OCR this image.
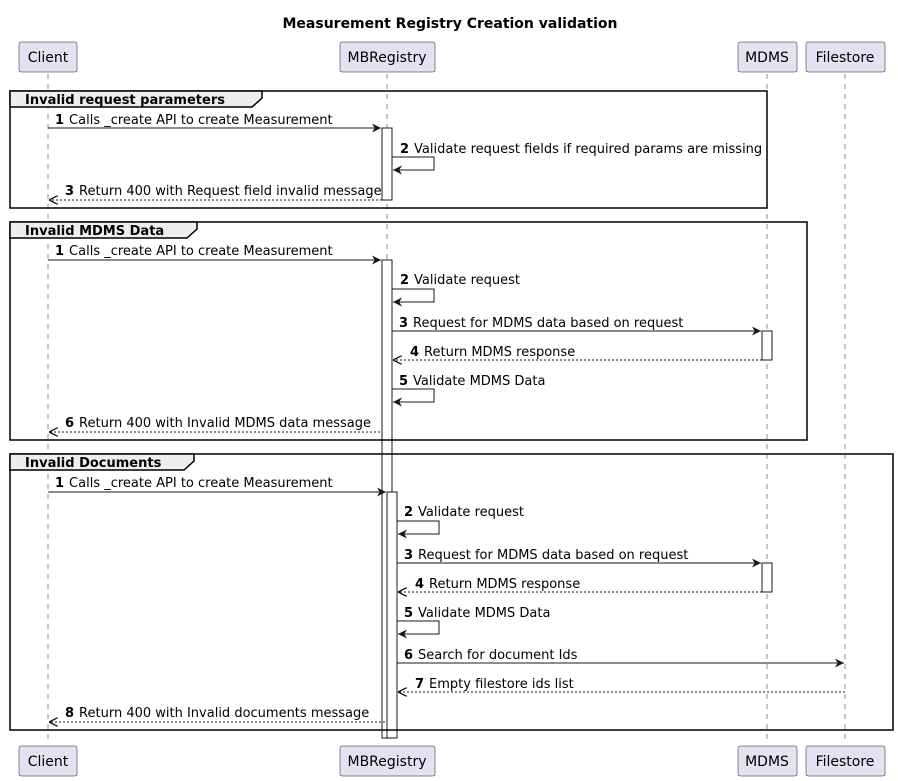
Measurement Registry Creation validation
Client	MBRegistry	MDMS Filestore
Client	MBRegistry	MDMS Filestore
Invalid request parameters
1 Calls _create API to create Measurement
2 Validate request fields if required params are missing
3 Return 400 with Request field invalid message
Invalid MDMS Data
1 Calls _create API to create Measurement
2 Validate request
3 Request for MDMS data based on request
4 Return MDMS response
5 Validate MDMS Data
6 Return 400 with Invalid MDMS data message
Invalid Documents
1 Calls _create API to create Measurement
2 Validate request
3 Request for MDMS data based on request
4 Return MDMS response
5 Validate MDMS Data
6 Search for document Ids
7 Empty filestore ids list
8 Return 400 with Invalid documents message
